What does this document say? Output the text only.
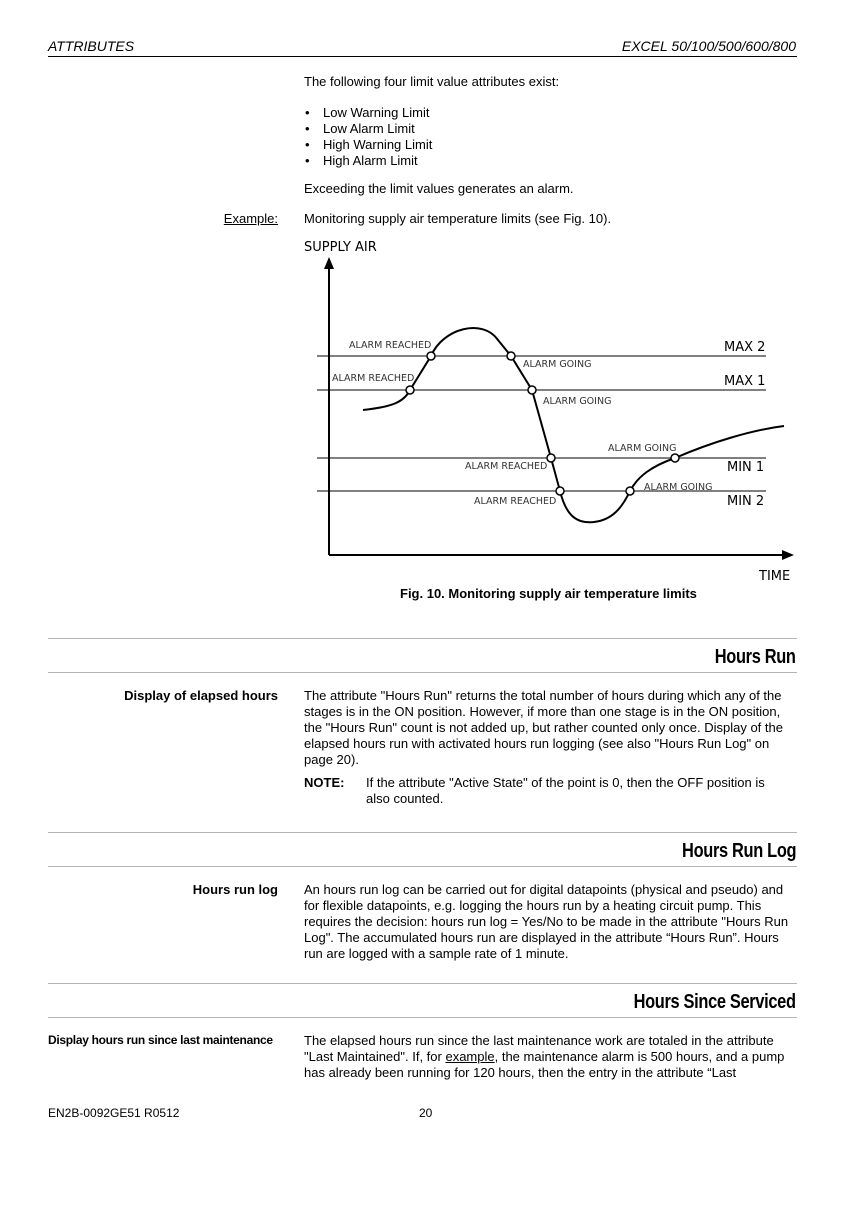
ATTRIBUTES	EXCEL 50/100/500/600/800
The following four limit value attributes exist:
• Low Warning Limit
• Low Alarm Limit
• High Warning Limit
• High Alarm Limit
Exceeding the limit values generates an alarm.
Example: Monitoring supply air temperature limits (see Fig. 10).
SUPPLY AIR
TIME
MAX 2
MAX 1
MIN 1
MIN 2
ALARM REACHED
ALARM GOING
ALARM REACHED
ALARM GOING
ALARM GOING
ALARM REACHED
ALARM GOING
ALARM REACHED
Fig. 10. Monitoring supply air temperature limits
Hours Run
Display of elapsed hours The attribute "Hours Run" returns the total number of hours during which any of the stages is in the ON position. However, if more than one stage is in the ON position, the "Hours Run" count is not added up, but rather counted only once. Display of the elapsed hours run with activated hours run logging (see also "Hours Run Log" on page 20).
NOTE: If the attribute "Active State" of the point is 0, then the OFF position is also counted.
Hours Run Log
Hours run log An hours run log can be carried out for digital datapoints (physical and pseudo) and for flexible datapoints, e.g. logging the hours run by a heating circuit pump. This requires the decision: hours run log = Yes/No to be made in the attribute "Hours Run Log". The accumulated hours run are displayed in the attribute “Hours Run”. Hours run are logged with a sample rate of 1 minute.
Hours Since Serviced
Display hours run since last maintenance	The elapsed hours run since the last maintenance work are totaled in the attribute "Last Maintained". If, for example, the maintenance alarm is 500 hours, and a pump has already been running for 120 hours, then the entry in the attribute “Last
EN2B-0092GE51 R0512	20
